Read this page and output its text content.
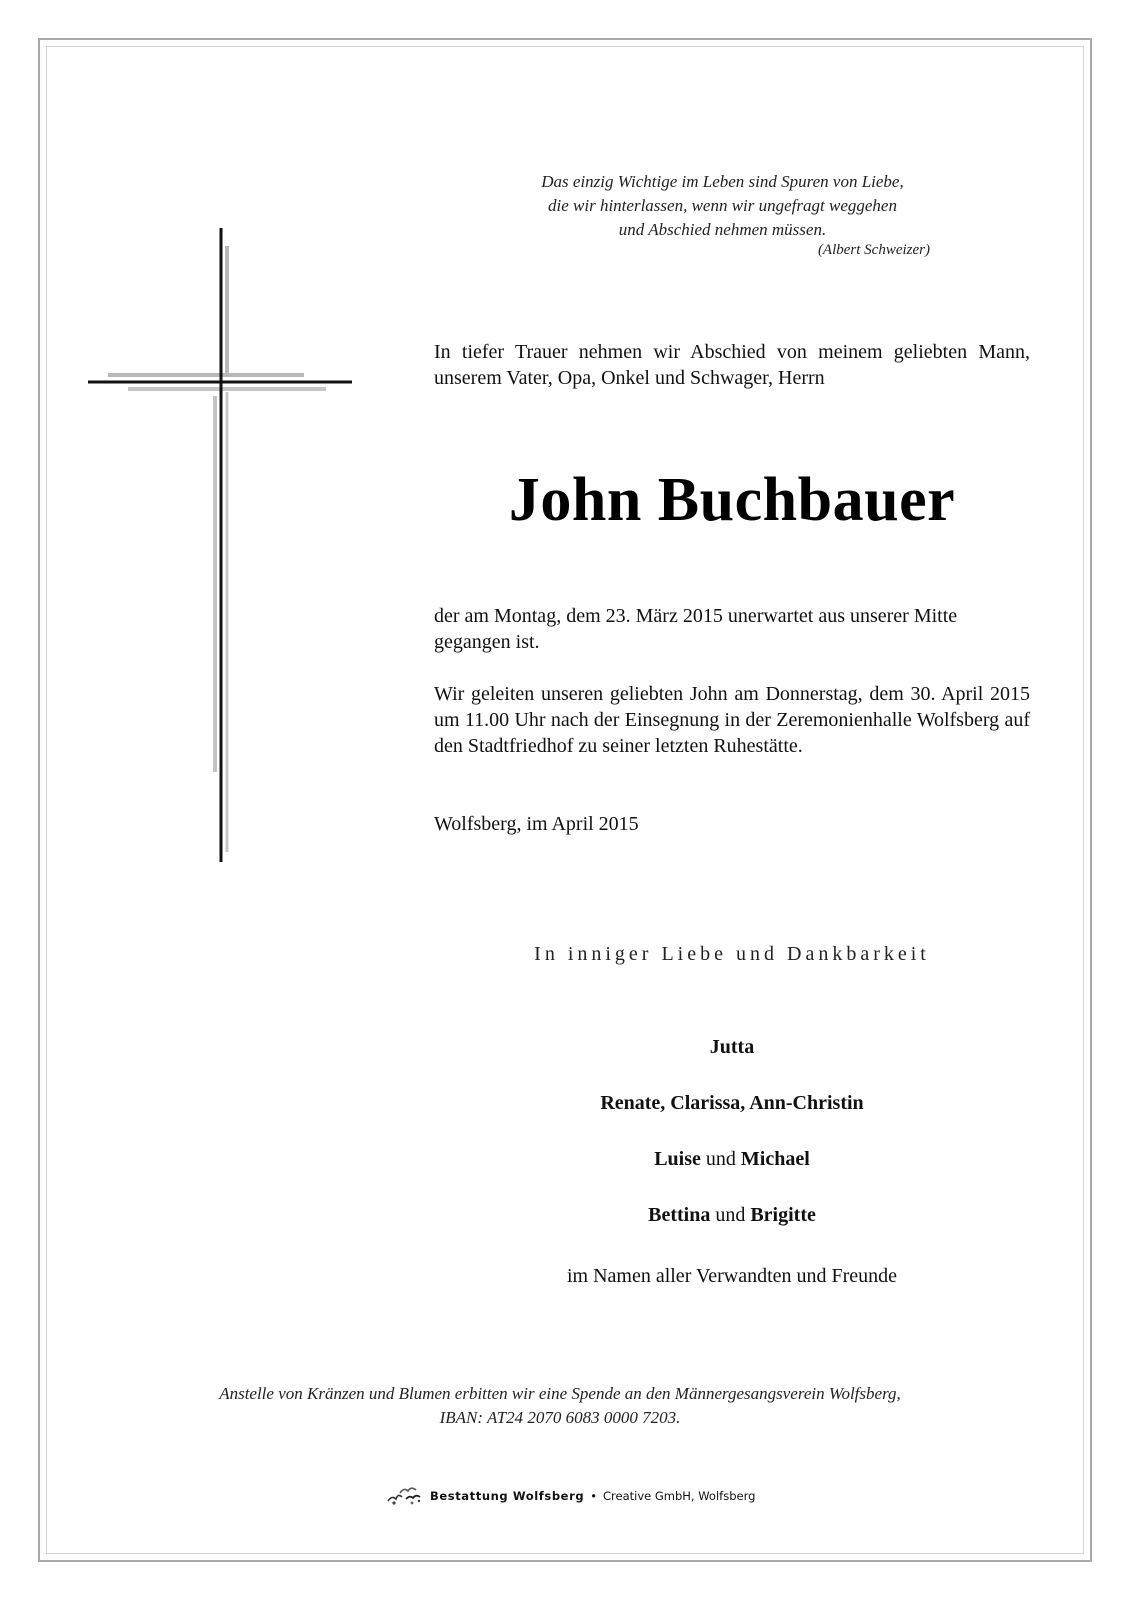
Das einzig Wichtige im Leben sind Spuren von Liebe,
die wir hinterlassen, wenn wir ungefragt weggehen
und Abschied nehmen müssen.
(Albert Schweizer)
In tiefer Trauer nehmen wir Abschied von meinem geliebten Mann, unserem Vater, Opa, Onkel und Schwager, Herrn
John Buchbauer
der am Montag, dem 23. März 2015 unerwartet aus unserer Mitte gegangen ist.
Wir geleiten unseren geliebten John am Donnerstag, dem 30. April 2015 um 11.00 Uhr nach der Einsegnung in der Zeremonienhalle Wolfsberg auf den Stadtfriedhof zu seiner letzten Ruhestätte.
Wolfsberg, im April 2015
In inniger Liebe und Dankbarkeit
Jutta
Renate, Clarissa, Ann-Christin
Luise und Michael
Bettina und Brigitte
im Namen aller Verwandten und Freunde
Anstelle von Kränzen und Blumen erbitten wir eine Spende an den Männergesangsverein Wolfsberg,
IBAN: AT24 2070 6083 0000 7203.
Bestattung Wolfsberg • Creative GmbH, Wolfsberg
